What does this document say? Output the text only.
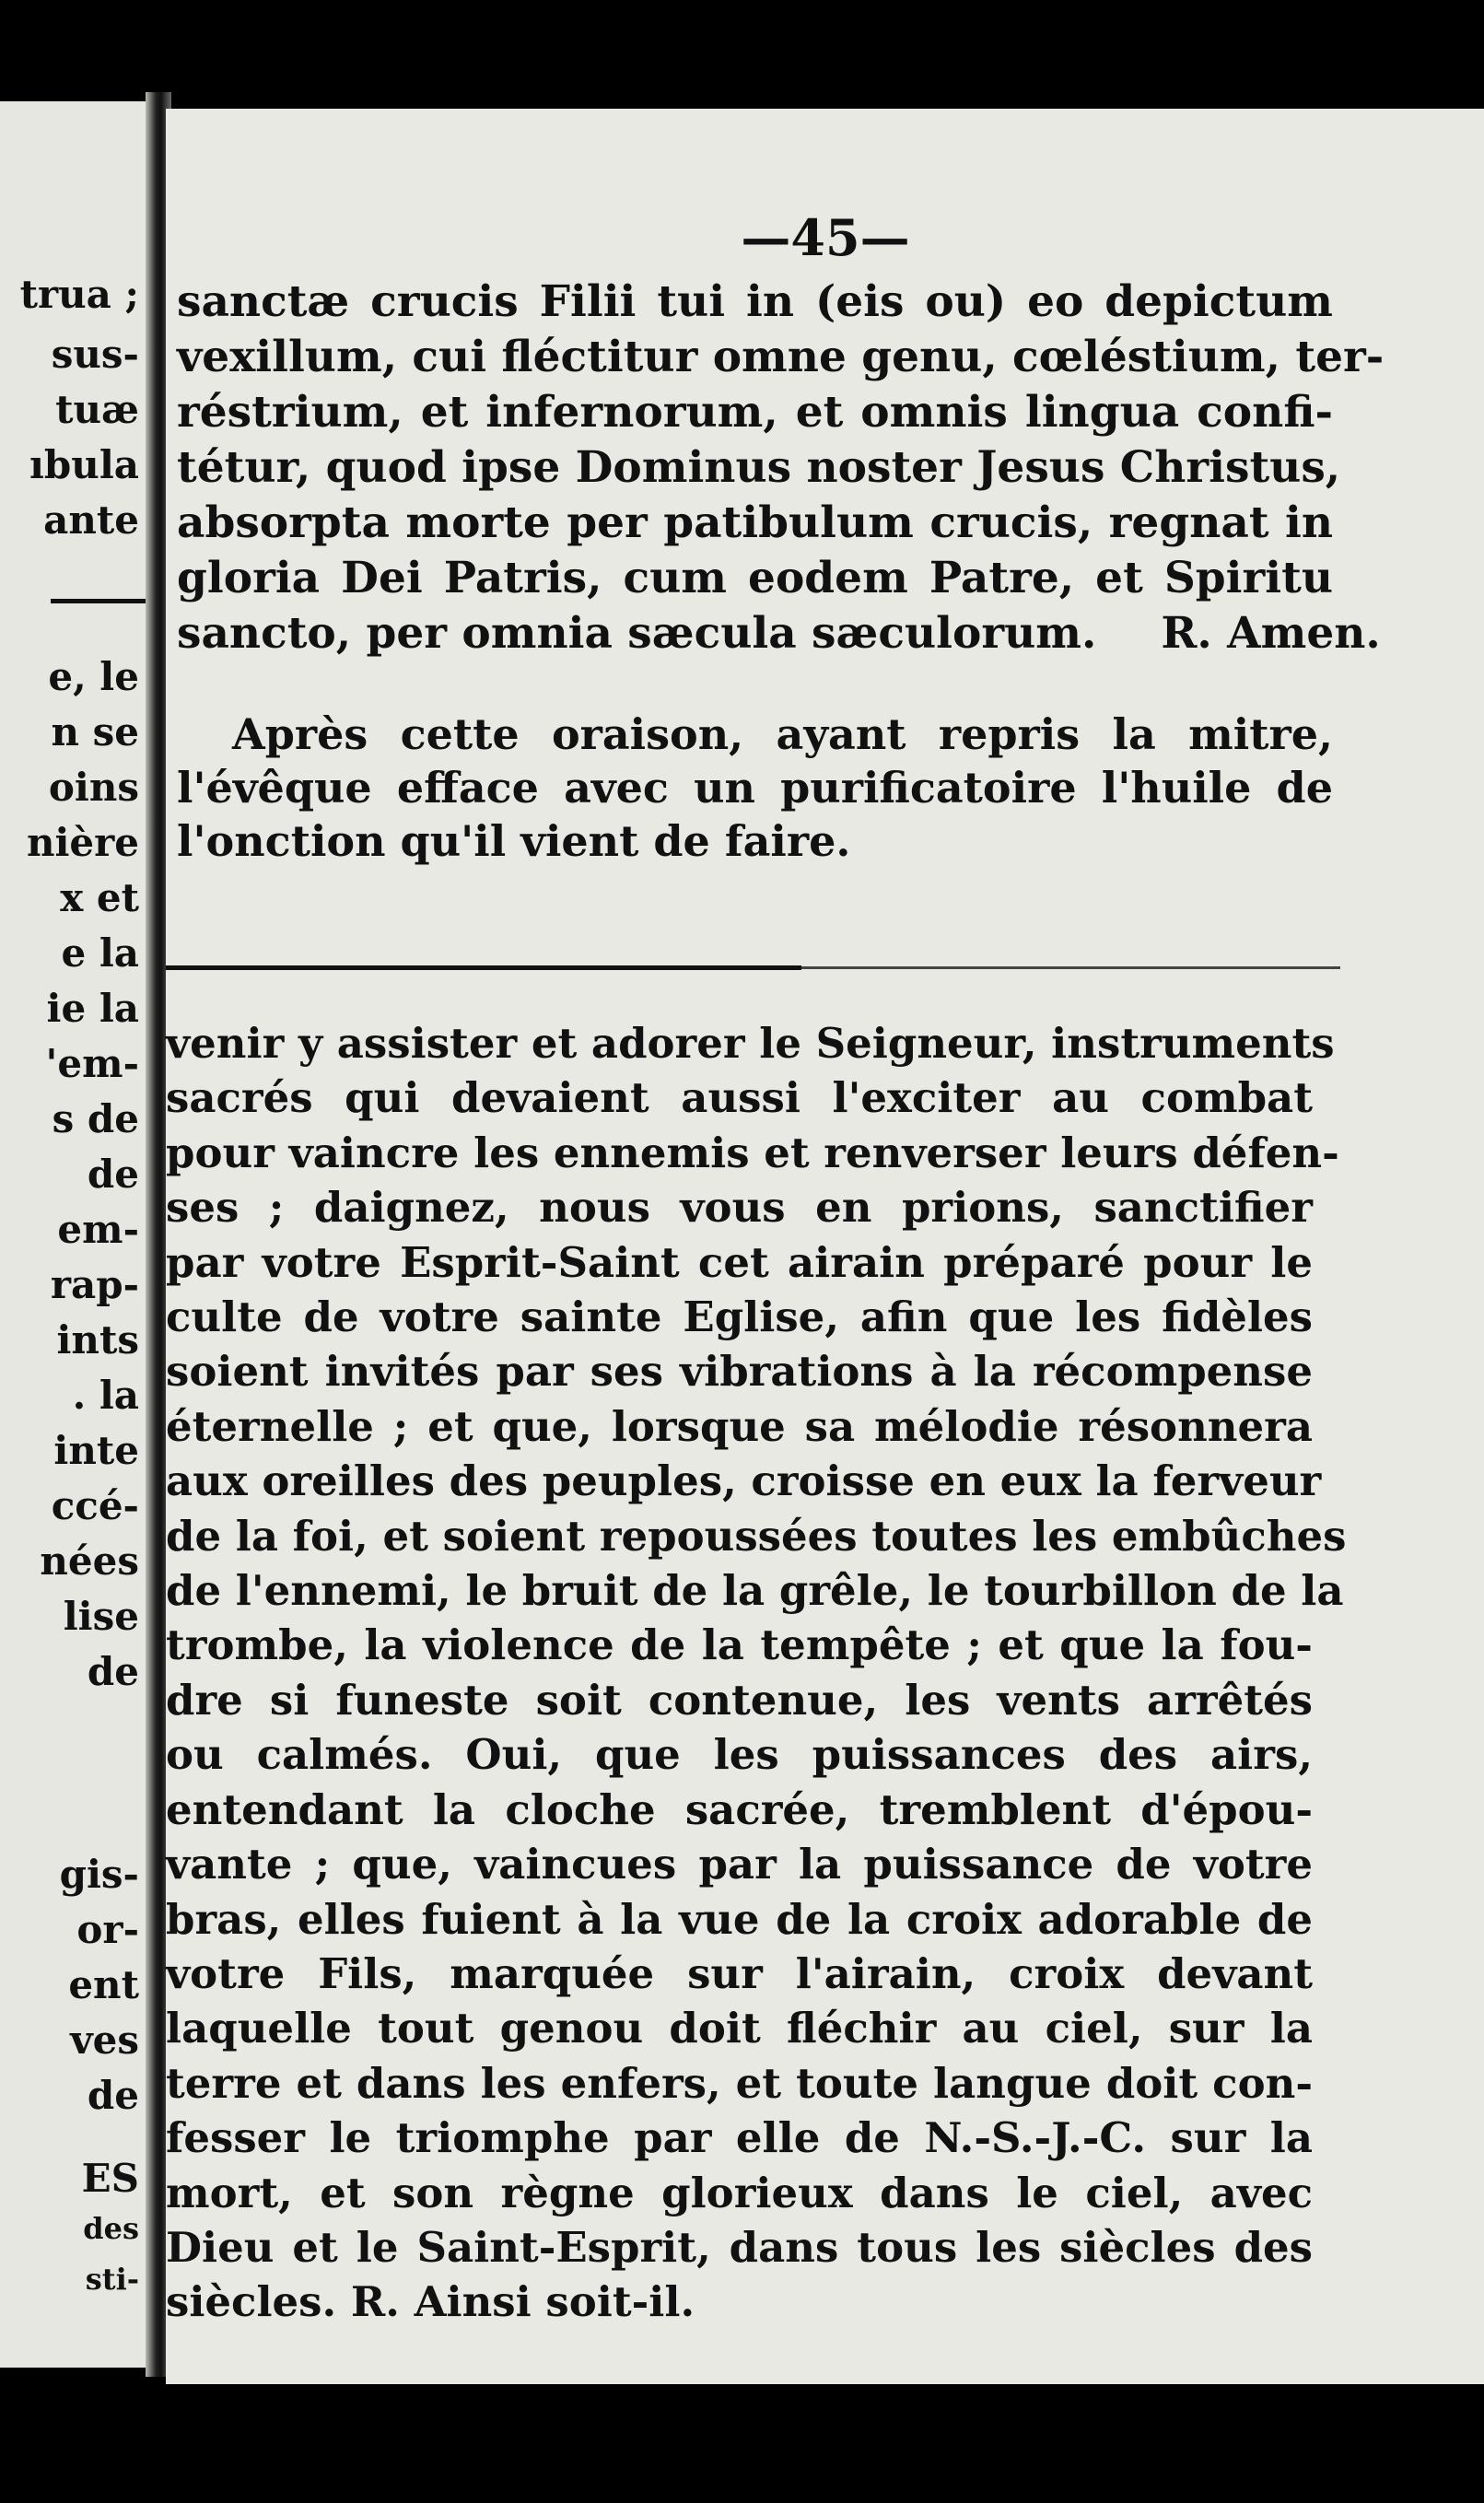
trua ;
sus-
tuæ
ıbula
ante
e, le
n se
oins
nière
x et
e la
ie la
'em-
s de
de
em-
rap-
ints
. la
inte
ccé-
nées
lise
de
gis-
or-
ent
ves
de
ES
des
sti-
—45—
sanctæ crucis Filii tui in (eis ou) eo depictum
vexillum, cui fléctitur omne genu, cœléstium, ter-
réstrium, et infernorum, et omnis lingua confi-
tétur, quod ipse Dominus noster Jesus Christus,
absorpta morte per patibulum crucis, regnat in
gloria Dei Patris, cum eodem Patre, et Spiritu
sancto, per omnia sæcula sæculorum. R. Amen.
Après cette oraison, ayant repris la mitre,
l'évêque efface avec un purificatoire l'huile de
l'onction qu'il vient de faire.
venir y assister et adorer le Seigneur, instruments
sacrés qui devaient aussi l'exciter au combat
pour vaincre les ennemis et renverser leurs défen-
ses ; daignez, nous vous en prions, sanctifier
par votre Esprit-Saint cet airain préparé pour le
culte de votre sainte Eglise, afin que les fidèles
soient invités par ses vibrations à la récompense
éternelle ; et que, lorsque sa mélodie résonnera
aux oreilles des peuples, croisse en eux la ferveur
de la foi, et soient repoussées toutes les embûches
de l'ennemi, le bruit de la grêle, le tourbillon de la
trombe, la violence de la tempête ; et que la fou-
dre si funeste soit contenue, les vents arrêtés
ou calmés. Oui, que les puissances des airs,
entendant la cloche sacrée, tremblent d'épou-
vante ; que, vaincues par la puissance de votre
bras, elles fuient à la vue de la croix adorable de
votre Fils, marquée sur l'airain, croix devant
laquelle tout genou doit fléchir au ciel, sur la
terre et dans les enfers, et toute langue doit con-
fesser le triomphe par elle de N.-S.-J.-C. sur la
mort, et son règne glorieux dans le ciel, avec
Dieu et le Saint-Esprit, dans tous les siècles des
siècles. R. Ainsi soit-il.
